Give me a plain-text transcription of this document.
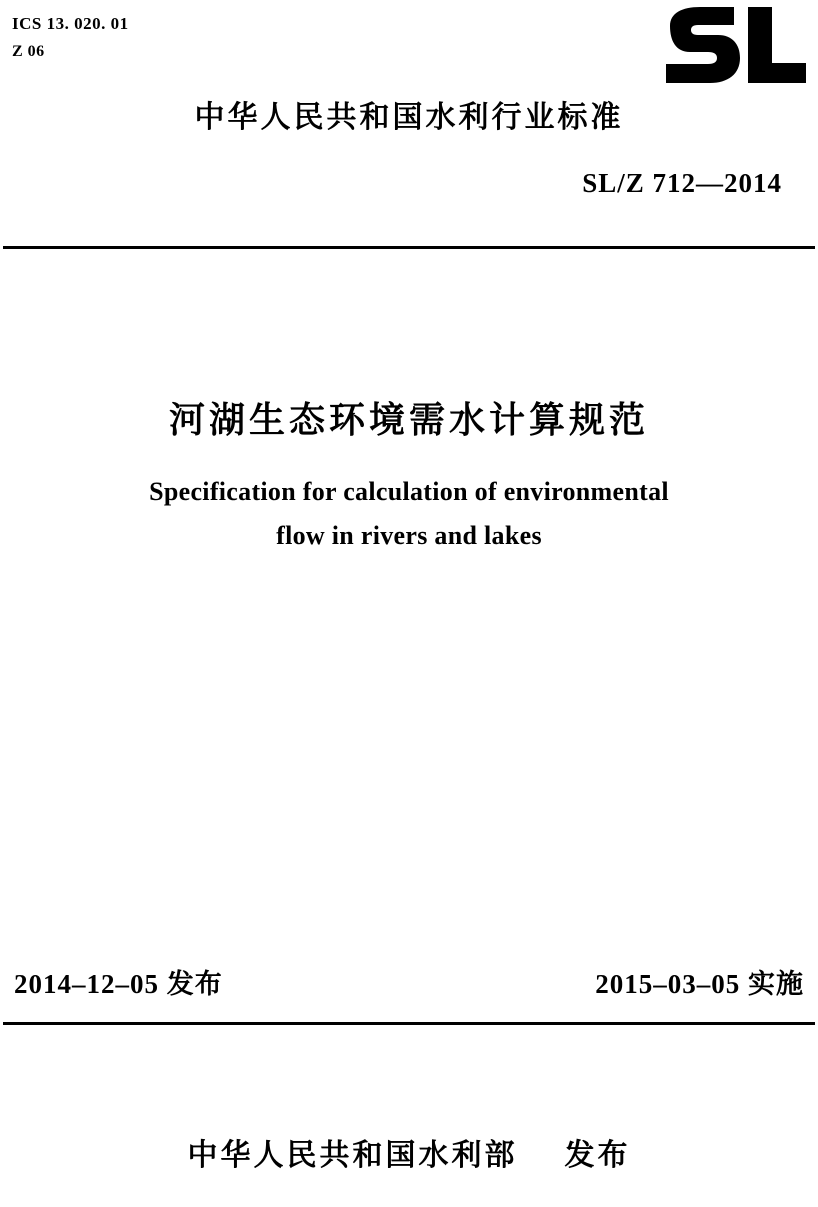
ICS 13. 020. 01
Z 06
中华人民共和国水利行业标准
SL/Z 712—2014
河湖生态环境需水计算规范
Specification for calculation of environmental
flow in rivers and lakes
2014–12–05 发布	2015–03–05 实施
中华人民共和国水利部 发布
